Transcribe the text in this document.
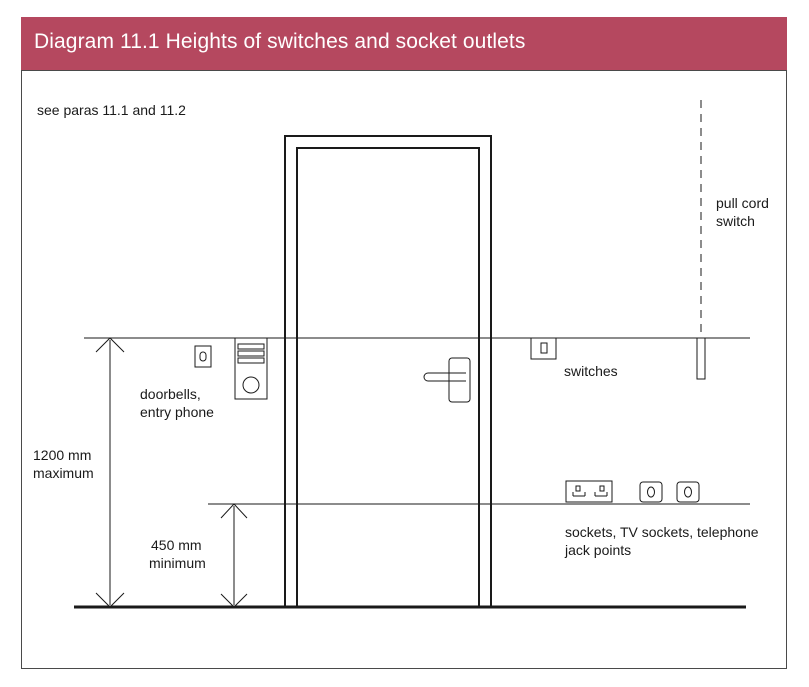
Diagram 11.1 Heights of switches and socket outlets
see paras 11.1 and 11.2
pull cord
switch
switches
doorbells,
entry phone
1200 mm
maximum
450 mm
minimum
sockets, TV sockets, telephone
jack points
